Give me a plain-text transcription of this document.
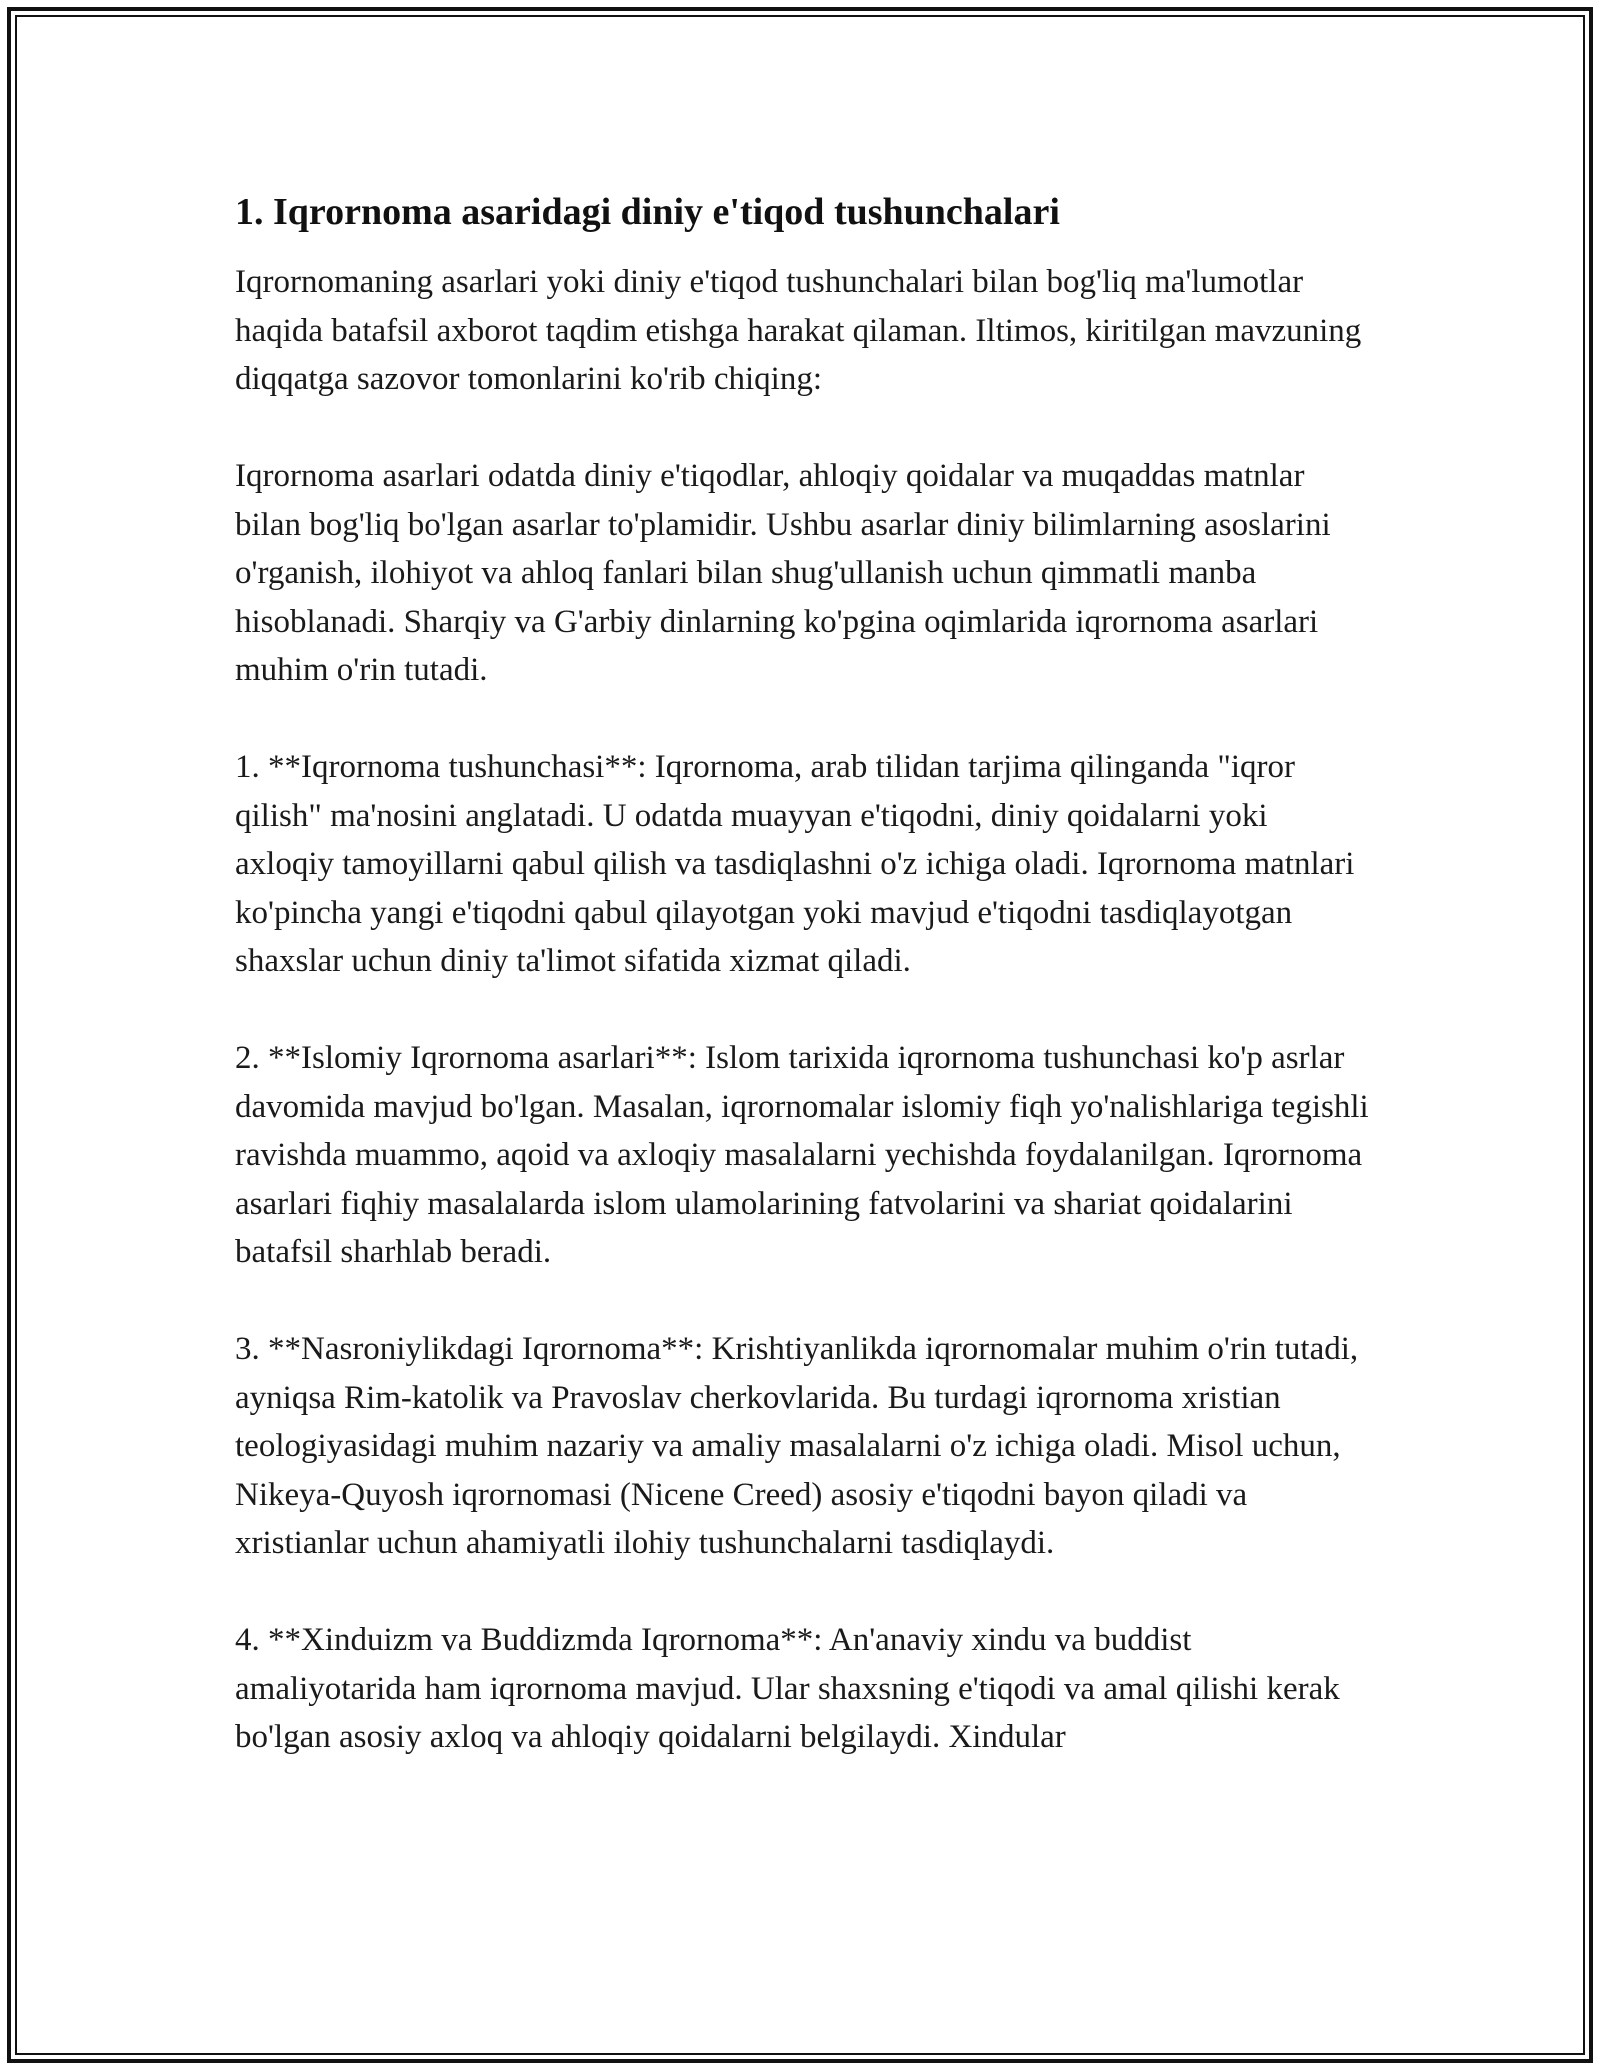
1. Iqrornoma asaridagi diniy e'tiqod tushunchalari

Iqrornomaning asarlari yoki diniy e'tiqod tushunchalari bilan bog'liq ma'lumotlar haqida batafsil axborot taqdim etishga harakat qilaman. Iltimos, kiritilgan mavzuning diqqatga sazovor tomonlarini ko'rib chiqing:

Iqrornoma asarlari odatda diniy e'tiqodlar, ahloqiy qoidalar va muqaddas matnlar bilan bog'liq bo'lgan asarlar to'plamidir. Ushbu asarlar diniy bilimlarning asoslarini o'rganish, ilohiyot va ahloq fanlari bilan shug'ullanish uchun qimmatli manba hisoblanadi. Sharqiy va G'arbiy dinlarning ko'pgina oqimlarida iqrornoma asarlari muhim o'rin tutadi.

1. **Iqrornoma tushunchasi**: Iqrornoma, arab tilidan tarjima qilinganda "iqror qilish" ma'nosini anglatadi. U odatda muayyan e'tiqodni, diniy qoidalarni yoki axloqiy tamoyillarni qabul qilish va tasdiqlashni o'z ichiga oladi. Iqrornoma matnlari ko'pincha yangi e'tiqodni qabul qilayotgan yoki mavjud e'tiqodni tasdiqlayotgan shaxslar uchun diniy ta'limot sifatida xizmat qiladi.

2. **Islomiy Iqrornoma asarlari**: Islom tarixida iqrornoma tushunchasi ko'p asrlar davomida mavjud bo'lgan. Masalan, iqrornomalar islomiy fiqh yo'nalishlariga tegishli ravishda muammo, aqoid va axloqiy masalalarni yechishda foydalanilgan. Iqrornoma asarlari fiqhiy masalalarda islom ulamolarining fatvolarini va shariat qoidalarini batafsil sharhlab beradi.

3. **Nasroniylikdagi Iqrornoma**: Krishtiyanlikda iqrornomalar muhim o'rin tutadi, ayniqsa Rim-katolik va Pravoslav cherkovlarida. Bu turdagi iqrornoma xristian teologiyasidagi muhim nazariy va amaliy masalalarni o'z ichiga oladi. Misol uchun, Nikeya-Quyosh iqrornomasi (Nicene Creed) asosiy e'tiqodni bayon qiladi va xristianlar uchun ahamiyatli ilohiy tushunchalarni tasdiqlaydi.

4. **Xinduizm va Buddizmda Iqrornoma**: An'anaviy xindu va buddist amaliyotarida ham iqrornoma mavjud. Ular shaxsning e'tiqodi va amal qilishi kerak bo'lgan asosiy axloq va ahloqiy qoidalarni belgilaydi. Xindular
